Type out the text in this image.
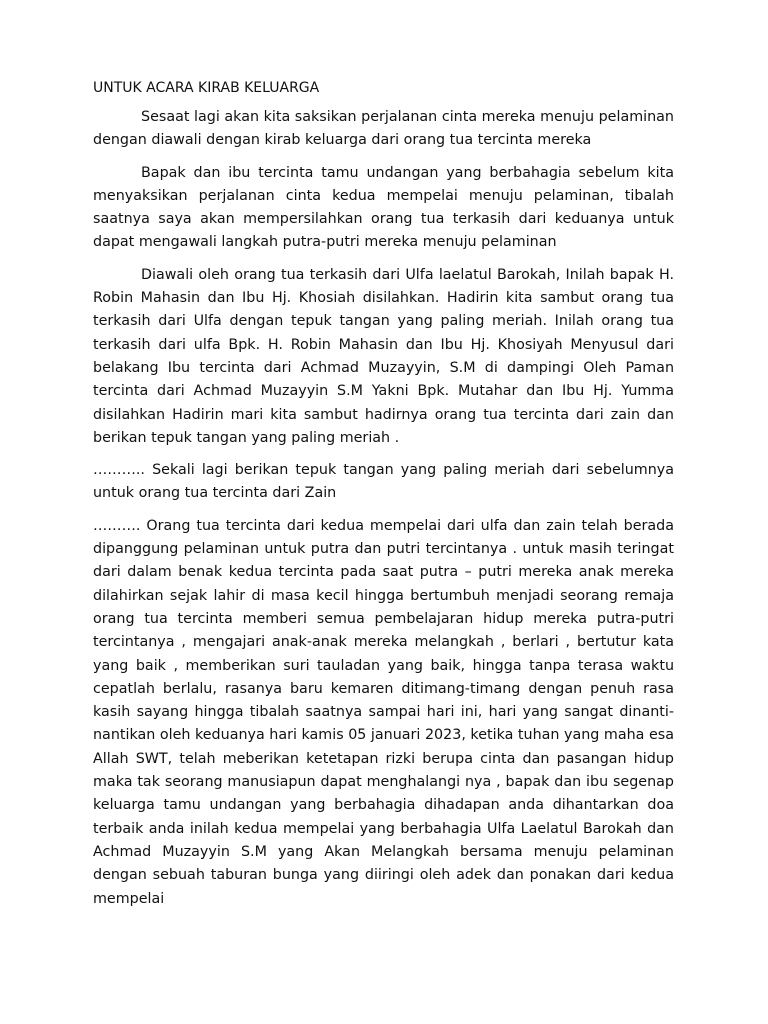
UNTUK ACARA KIRAB KELUARGA

Sesaat lagi akan kita saksikan perjalanan cinta mereka menuju pelaminan dengan diawali dengan kirab keluarga dari orang tua tercinta mereka

Bapak dan ibu tercinta tamu undangan yang berbahagia sebelum kita menyaksikan perjalanan cinta kedua mempelai menuju pelaminan, tibalah saatnya saya akan mempersilahkan orang tua terkasih dari keduanya untuk dapat mengawali langkah putra-putri mereka menuju pelaminan

Diawali oleh orang tua terkasih dari Ulfa laelatul Barokah, Inilah bapak H. Robin Mahasin dan Ibu Hj. Khosiah disilahkan. Hadirin kita sambut orang tua terkasih dari Ulfa dengan tepuk tangan yang paling meriah. Inilah orang tua terkasih dari ulfa Bpk. H. Robin Mahasin dan Ibu Hj. Khosiyah Menyusul dari belakang Ibu tercinta dari Achmad Muzayyin, S.M di dampingi Oleh Paman tercinta dari Achmad Muzayyin S.M Yakni Bpk. Mutahar dan Ibu Hj. Yumma disilahkan Hadirin mari kita sambut hadirnya orang tua tercinta dari zain dan berikan tepuk tangan yang paling meriah .

……….. Sekali lagi berikan tepuk tangan yang paling meriah dari sebelumnya untuk orang tua tercinta dari Zain

………. Orang tua tercinta dari kedua mempelai dari ulfa dan zain telah berada dipanggung pelaminan untuk putra dan putri tercintanya . untuk masih teringat dari dalam benak kedua tercinta pada saat putra – putri mereka anak mereka dilahirkan sejak lahir di masa kecil hingga bertumbuh menjadi seorang remaja orang tua tercinta memberi semua pembelajaran hidup mereka putra-putri tercintanya , mengajari anak-anak mereka melangkah , berlari , bertutur kata yang baik , memberikan suri tauladan yang baik, hingga tanpa terasa waktu cepatlah berlalu, rasanya baru kemaren ditimang-timang dengan penuh rasa kasih sayang hingga tibalah saatnya sampai hari ini, hari yang sangat dinanti-nantikan oleh keduanya hari kamis 05 januari 2023, ketika tuhan yang maha esa Allah SWT, telah meberikan ketetapan rizki berupa cinta dan pasangan hidup maka tak seorang manusiapun dapat menghalangi nya , bapak dan ibu segenap keluarga tamu undangan yang berbahagia dihadapan anda dihantarkan doa terbaik anda inilah kedua mempelai yang berbahagia Ulfa Laelatul Barokah dan Achmad Muzayyin S.M yang Akan Melangkah bersama menuju pelaminan dengan sebuah taburan bunga yang diiringi oleh adek dan ponakan dari kedua mempelai
